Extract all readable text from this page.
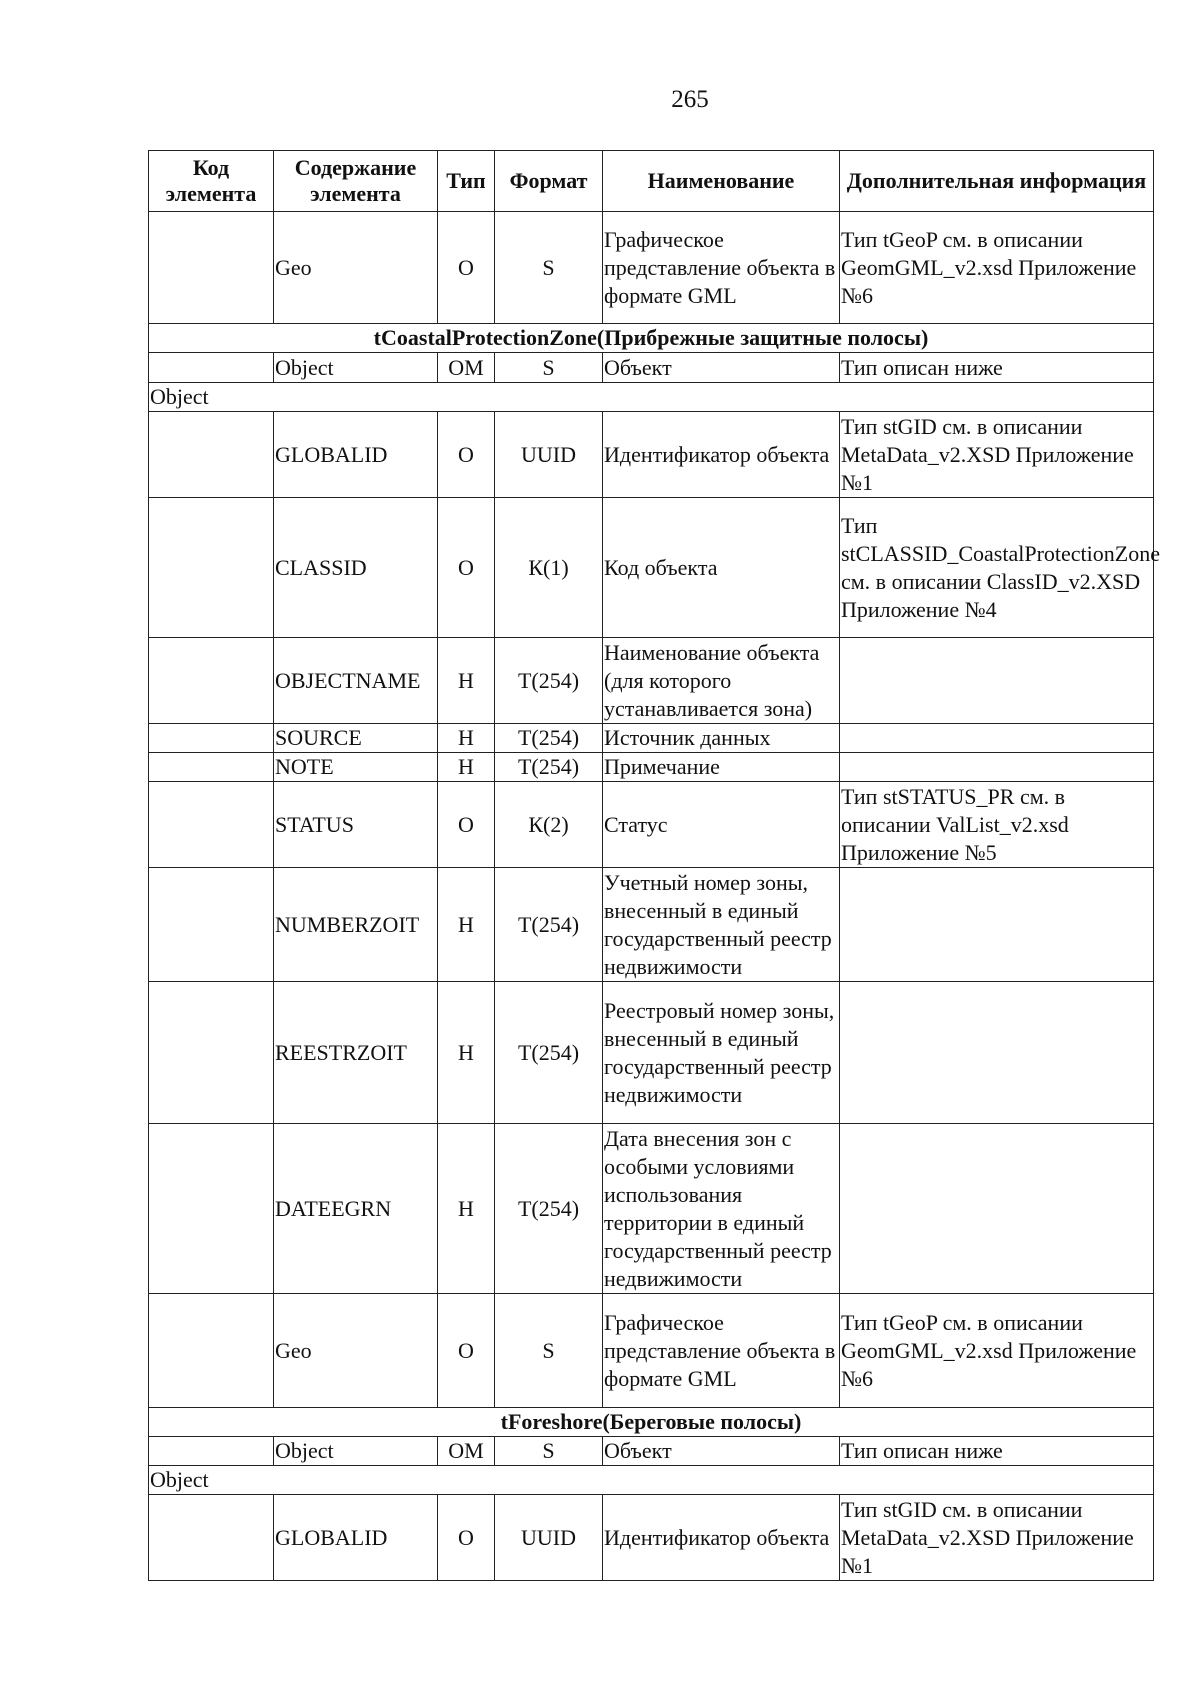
265
Код элемента	Содержание элемента	Тип	Формат	Наименование	Дополнительная информация
	Geo	О	S	Графическое представление объекта в формате GML	Тип tGeoP см. в описании GeomGML_v2.xsd Приложение №6
tCoastalProtectionZone(Прибрежные защитные полосы)					
	Object	ОМ	S	Объект	Тип описан ниже
Object					
	GLOBALID	О	UUID	Идентификатор объекта	Тип stGID см. в описании MetaData_v2.XSD Приложение №1
	CLASSID	О	К(1)	Код объекта	Тип stCLASSID_CoastalProtectionZone см. в описании ClassID_v2.XSD Приложение №4
	OBJECTNAME	Н	Т(254)	Наименование объекта (для которого устанавливается зона)	
	SOURCE	Н	Т(254)	Источник данных	
	NOTE	Н	Т(254)	Примечание	
	STATUS	О	К(2)	Статус	Тип stSTATUS_PR см. в описании ValList_v2.xsd Приложение №5
	NUMBERZOIT	Н	Т(254)	Учетный номер зоны, внесенный в единый государственный реестр недвижимости	
	REESTRZOIT	Н	Т(254)	Реестровый номер зоны, внесенный в единый государственный реестр недвижимости	
	DATEEGRN	Н	Т(254)	Дата внесения зон с особыми условиями использования территории в единый государственный реестр недвижимости	
	Geo	О	S	Графическое представление объекта в формате GML	Тип tGeoP см. в описании GeomGML_v2.xsd Приложение №6
tForeshore(Береговые полосы)					
	Object	ОМ	S	Объект	Тип описан ниже
Object					
	GLOBALID	О	UUID	Идентификатор объекта	Тип stGID см. в описании MetaData_v2.XSD Приложение №1
